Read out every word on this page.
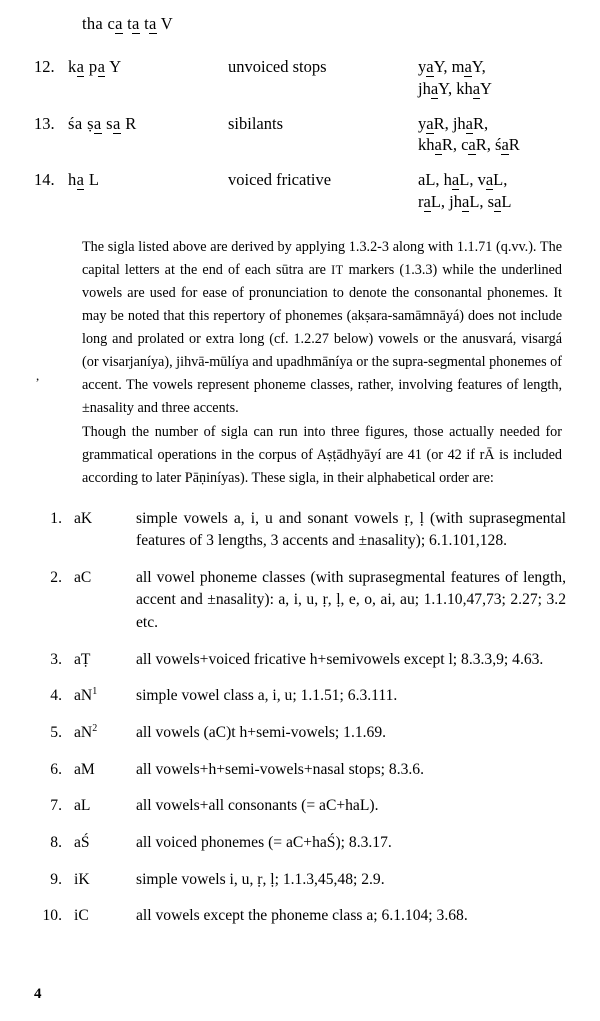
tha ca ta ta V
12.	ka pa Y	unvoiced stops	yaY, maY,
jhaY, khaY
13.	śa ṣa sa R	sibilants	yaR, jhaR,
khaR, caR, śaR
14.	ha L	voiced fricative	aL, haL, vaL,
raL, jhaL, saL

The sigla listed above are derived by applying 1.3.2-3 along with 1.1.71 (q.vv.). The capital letters at the end of each sūtra are IT markers (1.3.3) while the underlined vowels are used for ease of pronunciation to denote the consonantal phonemes. It may be noted that this repertory of phonemes (akṣara-samāmnāyá) does not include long and prolated or extra long (cf. 1.2.27 below) vowels or the anusvará, visargá (or visarjaníya), jihvā-mūlíya and upadhmāníya or the supra-segmental phonemes of accent. The vowels represent phoneme classes, rather, involving features of length, ±nasality and three accents.

Though the number of sigla can run into three figures, those actually needed for grammatical operations in the corpus of Aṣṭādhyāyí are 41 (or 42 if rĀ is included according to later Pāṇiníyas). These sigla, in their alphabetical order are:

,
1.	aK	simple vowels a, i, u and sonant vowels ṛ, ḷ (with suprasegmental features of 3 lengths, 3 accents and ±nasality); 6.1.101,128.
2.	aC	all vowel phoneme classes (with suprasegmental features of length, accent and ±nasality): a, i, u, ṛ, ḷ, e, o, ai, au; 1.1.10,47,73; 2.27; 3.2 etc.
3.	aṬ	all vowels+voiced fricative h+semivowels except l; 8.3.3,9; 4.63.
4.	$aN^1$	simple vowel class a, i, u; 1.1.51; 6.3.111.
5.	$aN^2$	all vowels (aC)t h+semi-vowels; 1.1.69.
6.	aM	all vowels+h+semi-vowels+nasal stops; 8.3.6.
7.	aL	all vowels+all consonants (= aC+haL).
8.	aŚ	all voiced phonemes (= aC+haŚ); 8.3.17.
9.	iK	simple vowels i, u, ṛ, ḷ; 1.1.3,45,48; 2.9.
10.	iC	all vowels except the phoneme class a; 6.1.104; 3.68.
4
